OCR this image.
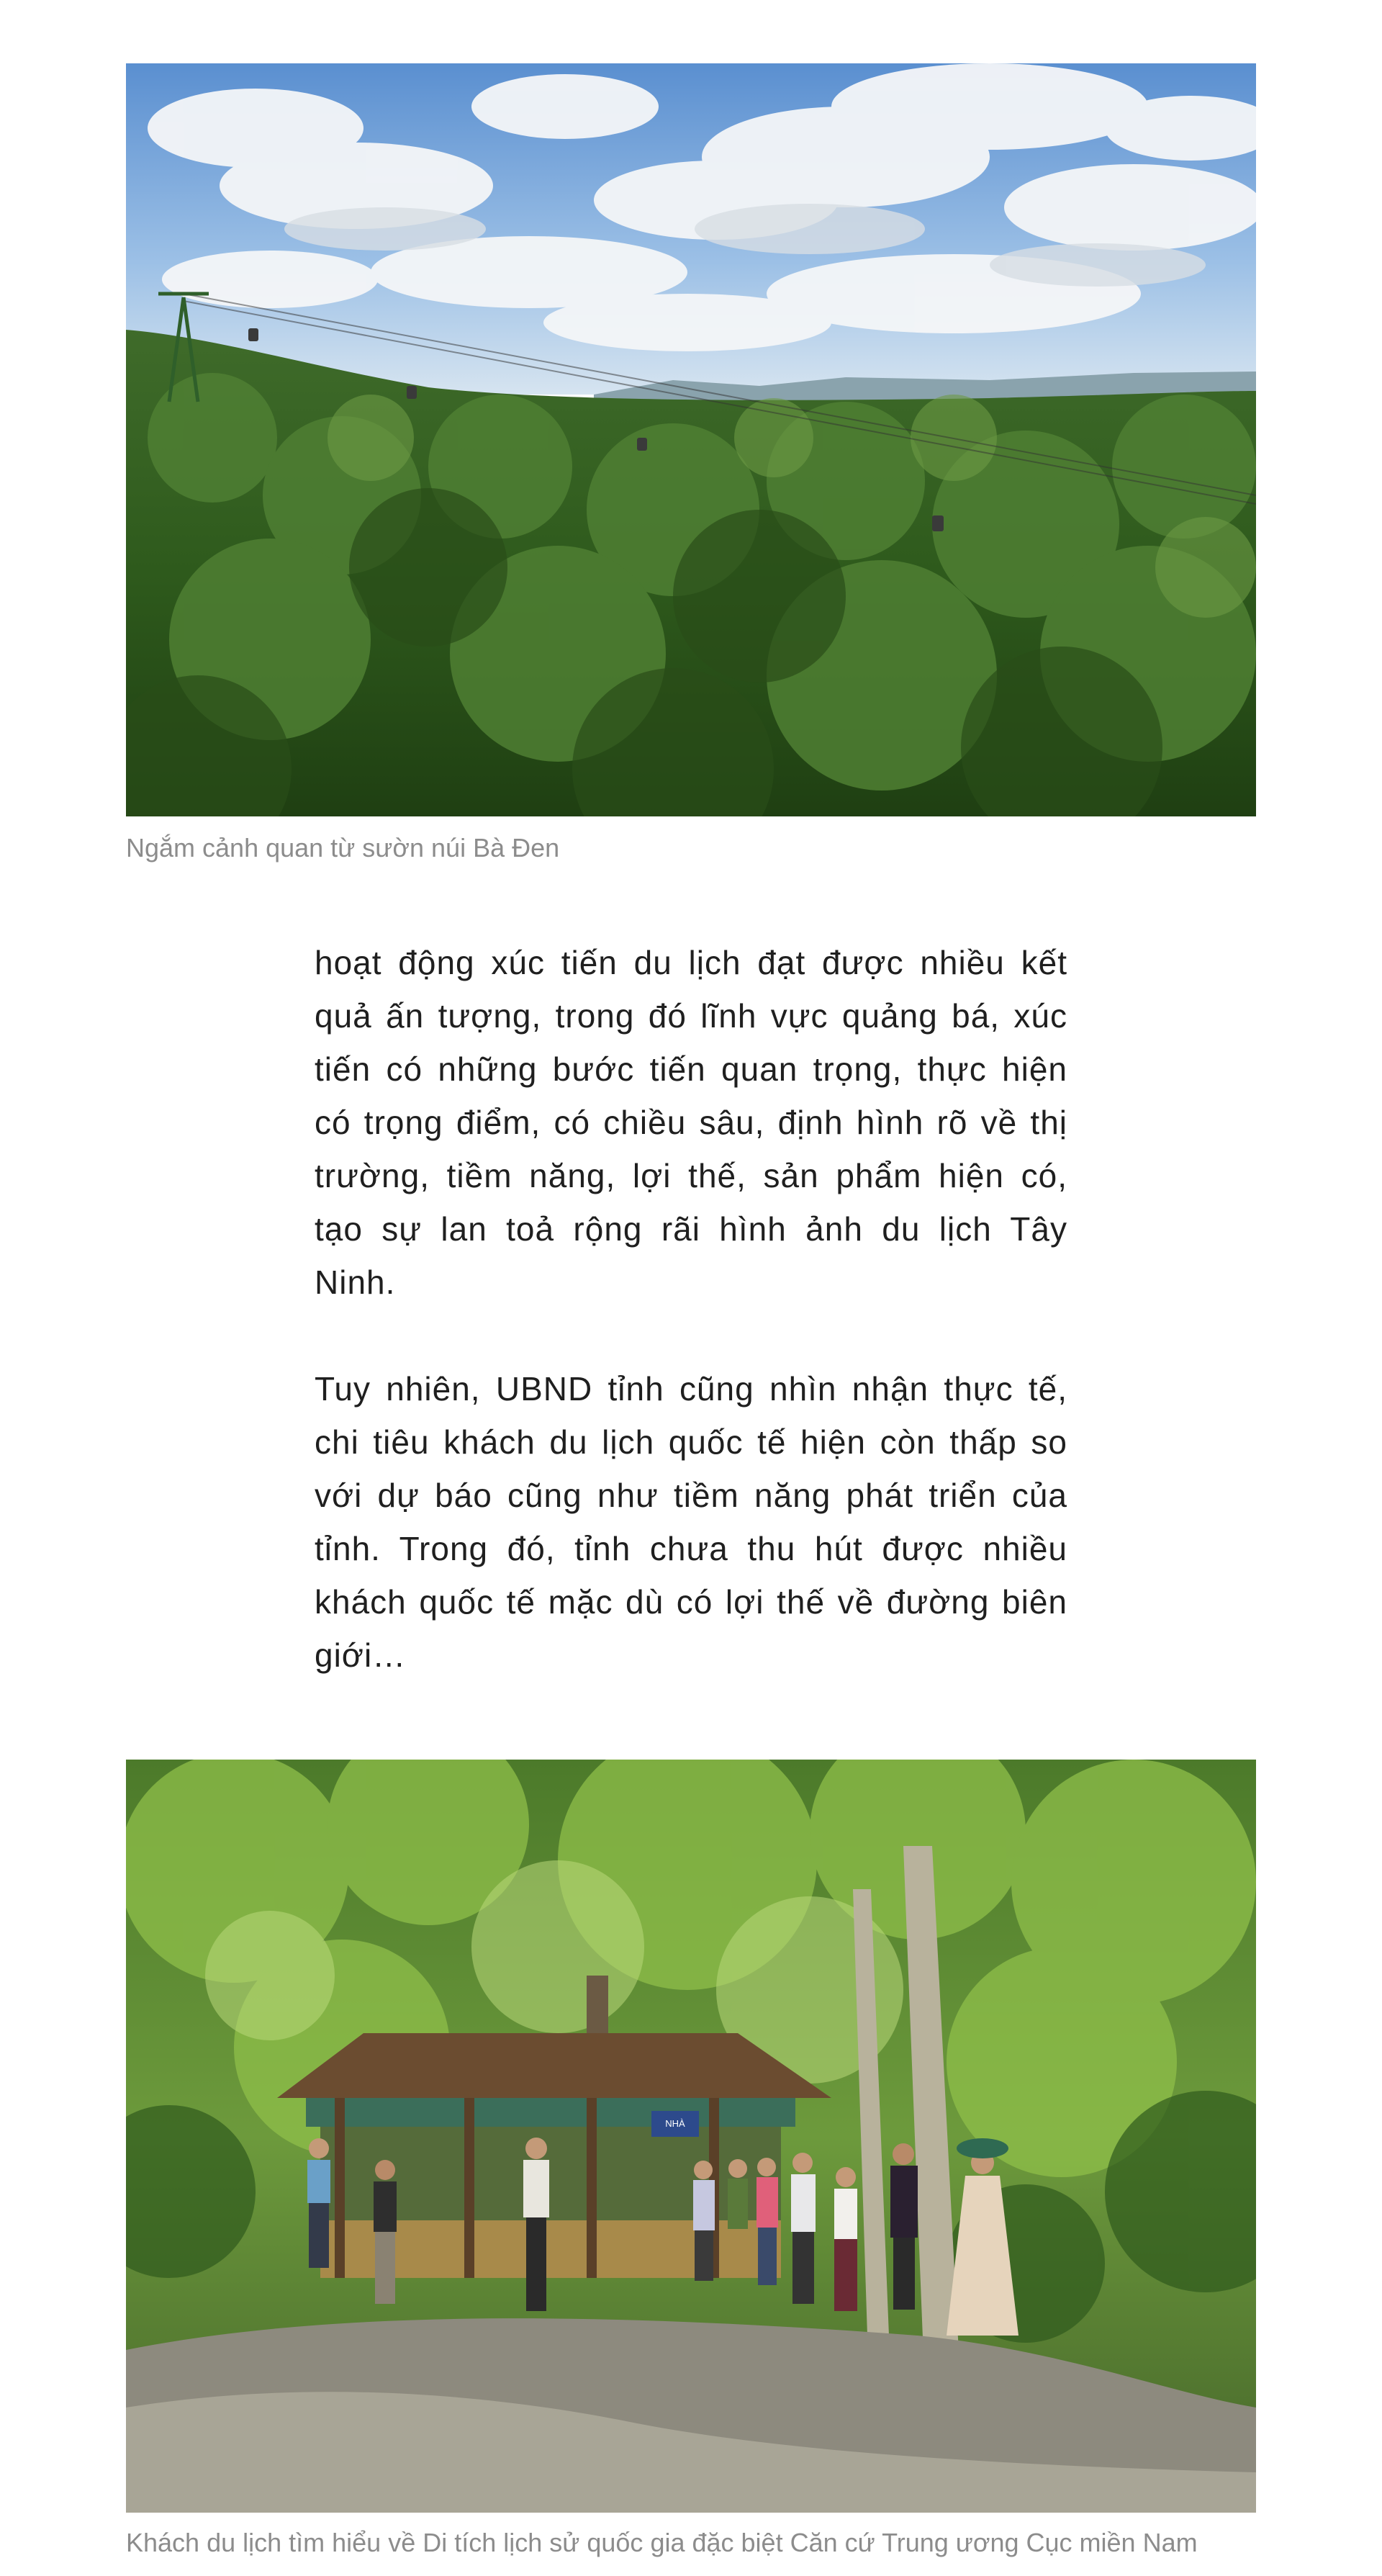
Ngắm cảnh quan từ sườn núi Bà Đen

hoạt động xúc tiến du lịch đạt được nhiều kết quả ấn tượng, trong đó lĩnh vực quảng bá, xúc tiến có những bước tiến quan trọng, thực hiện có trọng điểm, có chiều sâu, định hình rõ về thị trường, tiềm năng, lợi thế, sản phẩm hiện có, tạo sự lan toả rộng rãi hình ảnh du lịch Tây Ninh.

Tuy nhiên, UBND tỉnh cũng nhìn nhận thực tế, chi tiêu khách du lịch quốc tế hiện còn thấp so với dự báo cũng như tiềm năng phát triển của tỉnh. Trong đó, tỉnh chưa thu hút được nhiều khách quốc tế mặc dù có lợi thế về đường biên giới…

NHÀ
Khách du lịch tìm hiểu về Di tích lịch sử quốc gia đặc biệt Căn cứ Trung ương Cục miền Nam
